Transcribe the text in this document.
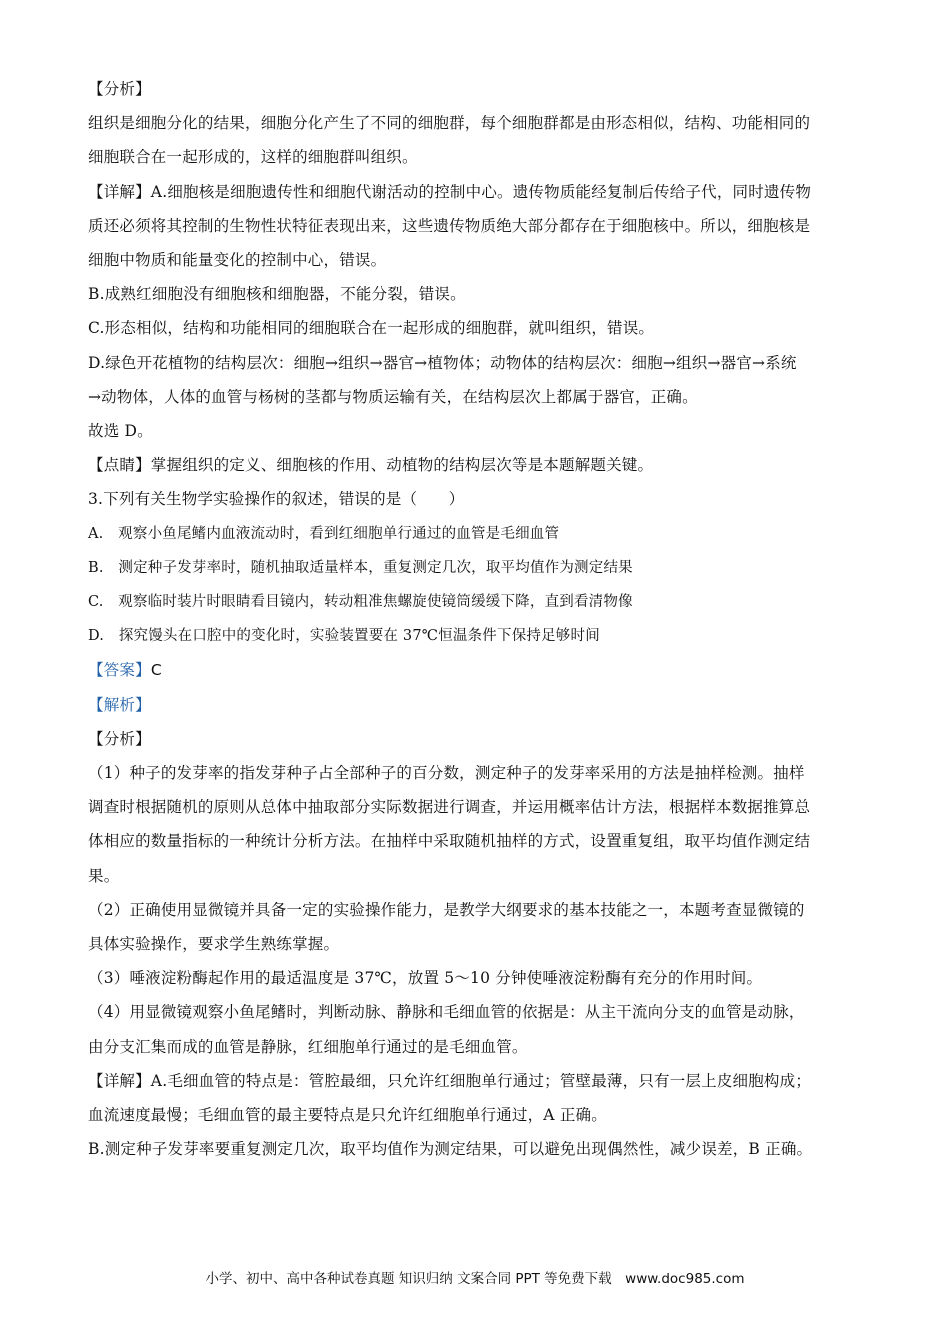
【分析】
组织是细胞分化的结果，细胞分化产生了不同的细胞群，每个细胞群都是由形态相似，结构、功能相同的
细胞联合在一起形成的，这样的细胞群叫组织。
【详解】A.细胞核是细胞遗传性和细胞代谢活动的控制中心。遗传物质能经复制后传给子代，同时遗传物
质还必须将其控制的生物性状特征表现出来，这些遗传物质绝大部分都存在于细胞核中。所以，细胞核是
细胞中物质和能量变化的控制中心，错误。
B.成熟红细胞没有细胞核和细胞器，不能分裂，错误。
C.形态相似，结构和功能相同的细胞联合在一起形成的细胞群，就叫组织，错误。
D.绿色开花植物的结构层次：细胞→组织→器官→植物体；动物体的结构层次：细胞→组织→器官→系统
→动物体，人体的血管与杨树的茎都与物质运输有关，在结构层次上都属于器官，正确。
故选 D。
【点睛】掌握组织的定义、细胞核的作用、动植物的结构层次等是本题解题关键。
3.下列有关生物学实验操作的叙述，错误的是（　　）
A.　观察小鱼尾鳍内血液流动时，看到红细胞单行通过的血管是毛细血管
B.　测定种子发芽率时，随机抽取适量样本，重复测定几次，取平均值作为测定结果
C.　观察临时装片时眼睛看目镜内，转动粗准焦螺旋使镜筒缓缓下降，直到看清物像
D.　探究馒头在口腔中的变化时，实验装置要在 37℃恒温条件下保持足够时间
【答案】C
【解析】
【分析】
（1）种子的发芽率的指发芽种子占全部种子的百分数，测定种子的发芽率采用的方法是抽样检测。抽样
调查时根据随机的原则从总体中抽取部分实际数据进行调查，并运用概率估计方法，根据样本数据推算总
体相应的数量指标的一种统计分析方法。在抽样中采取随机抽样的方式，设置重复组，取平均值作测定结
果。
（2）正确使用显微镜并具备一定的实验操作能力，是教学大纲要求的基本技能之一，本题考查显微镜的
具体实验操作，要求学生熟练掌握。
（3）唾液淀粉酶起作用的最适温度是 37℃，放置 5～10 分钟使唾液淀粉酶有充分的作用时间。
（4）用显微镜观察小鱼尾鳍时，判断动脉、静脉和毛细血管的依据是：从主干流向分支的血管是动脉，
由分支汇集而成的血管是静脉，红细胞单行通过的是毛细血管。
【详解】A.毛细血管的特点是：管腔最细，只允许红细胞单行通过；管壁最薄，只有一层上皮细胞构成；
血流速度最慢；毛细血管的最主要特点是只允许红细胞单行通过，A 正确。
B.测定种子发芽率要重复测定几次，取平均值作为测定结果，可以避免出现偶然性，减少误差，B 正确。
小学、初中、高中各种试卷真题 知识归纳 文案合同 PPT 等免费下载　www.doc985.com
